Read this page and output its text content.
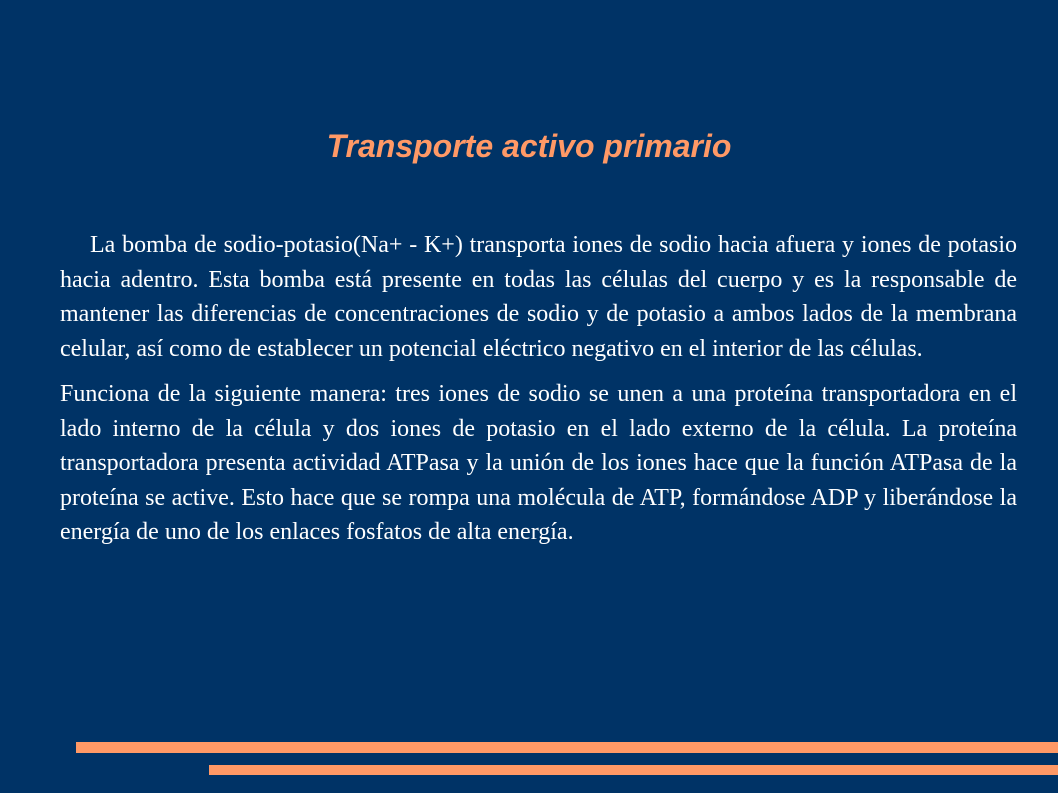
Transporte activo primario

La bomba de sodio-potasio(Na+ - K+) transporta iones de sodio hacia afuera y iones de potasio hacia adentro. Esta bomba está presente en todas las células del cuerpo y es la responsable de mantener las diferencias de concentraciones de sodio y de potasio a ambos lados de la membrana celular, así como de establecer un potencial eléctrico negativo en el interior de las células.

Funciona de la siguiente manera: tres iones de sodio se unen a una proteína transportadora en el lado interno de la célula y dos iones de potasio en el lado externo de la célula. La proteína transportadora presenta actividad ATPasa y la unión de los iones hace que la función ATPasa de la proteína se active. Esto hace que se rompa una molécula de ATP, formándose ADP y liberándose la energía de uno de los enlaces fosfatos de alta energía.
